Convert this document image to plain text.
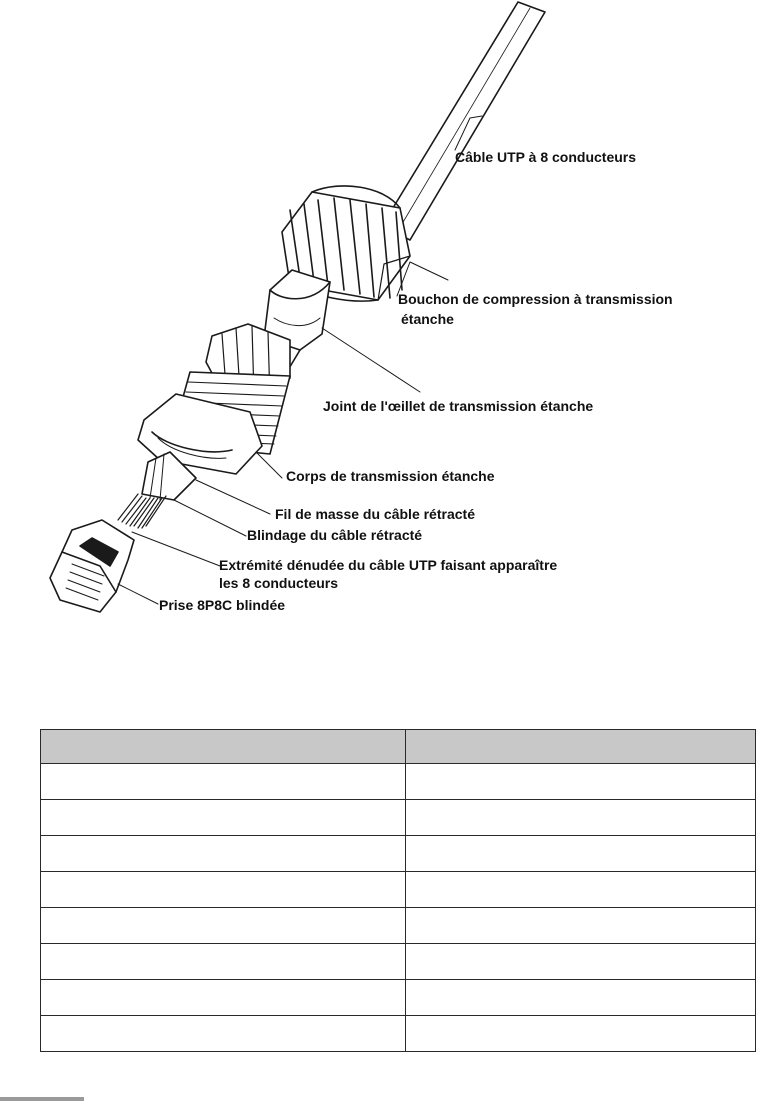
Câble UTP à 8 conducteurs
Bouchon de compression à transmission
étanche
Joint de l'œillet de transmission étanche
Corps de transmission étanche
Fil de masse du câble rétracté
Blindage du câble rétracté
Extrémité dénudée du câble UTP faisant apparaître
les 8 conducteurs
Prise 8P8C blindée
